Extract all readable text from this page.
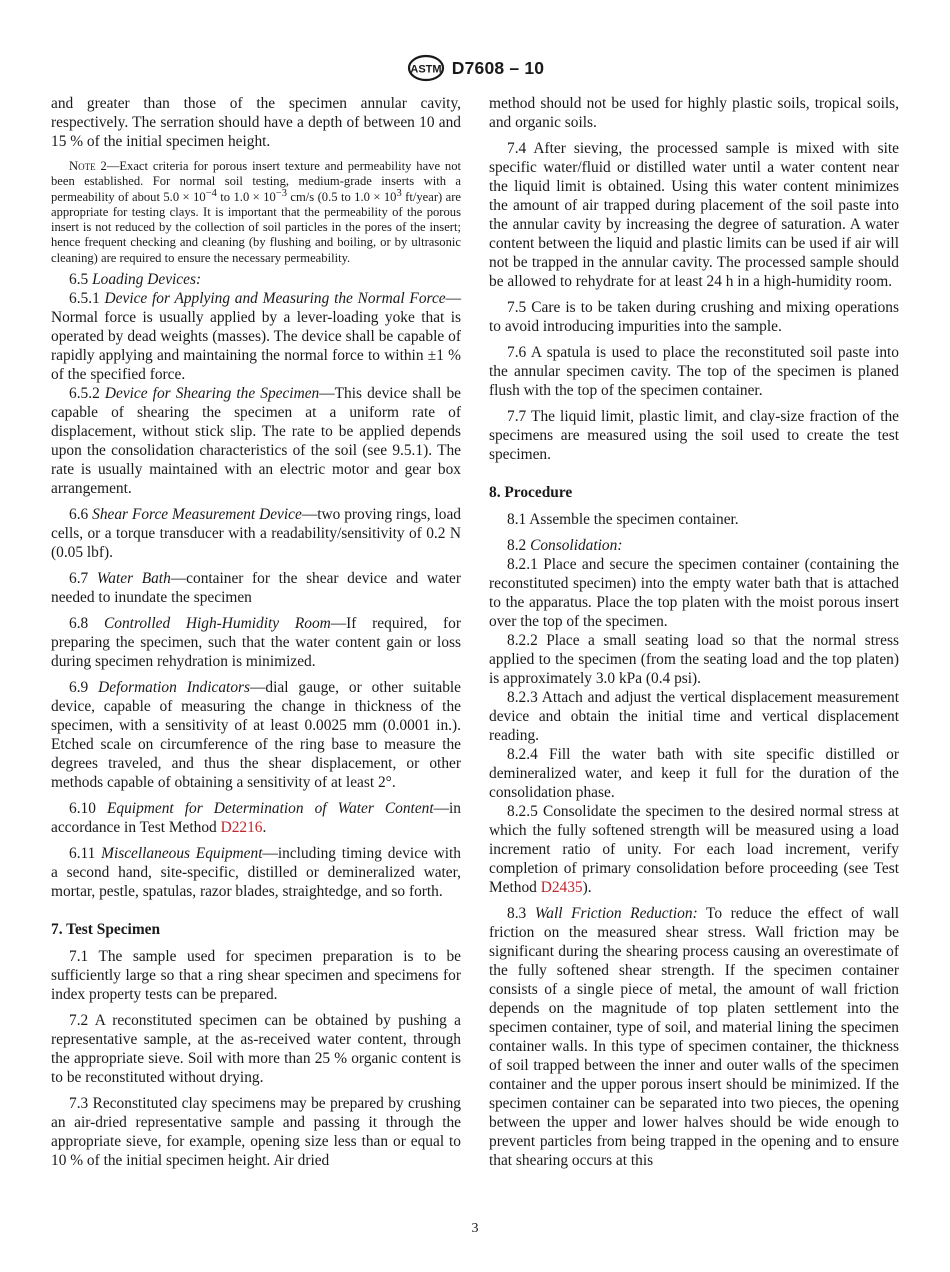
ASTM D7608 – 10

and greater than those of the specimen annular cavity, respectively. The serration should have a depth of between 10 and 15 % of the initial specimen height.

Note 2—Exact criteria for porous insert texture and permeability have not been established. For normal soil testing, medium-grade inserts with a permeability of about $5.0 \times 10^{-4}$ to $1.0 \times 10^{-3}$ cm/s (0.5 to $1.0 \times 10^3$ ft/year) are appropriate for testing clays. It is important that the permeability of the porous insert is not reduced by the collection of soil particles in the pores of the insert; hence frequent checking and cleaning (by flushing and boiling, or by ultrasonic cleaning) are required to ensure the necessary permeability.

6.5 Loading Devices:

6.5.1 Device for Applying and Measuring the Normal Force—Normal force is usually applied by a lever-loading yoke that is operated by dead weights (masses). The device shall be capable of rapidly applying and maintaining the normal force to within ±1 % of the specified force.

6.5.2 Device for Shearing the Specimen—This device shall be capable of shearing the specimen at a uniform rate of displacement, without stick slip. The rate to be applied depends upon the consolidation characteristics of the soil (see 9.5.1). The rate is usually maintained with an electric motor and gear box arrangement.

6.6 Shear Force Measurement Device—two proving rings, load cells, or a torque transducer with a readability/sensitivity of 0.2 N (0.05 lbf).

6.7 Water Bath—container for the shear device and water needed to inundate the specimen

6.8 Controlled High-Humidity Room—If required, for preparing the specimen, such that the water content gain or loss during specimen rehydration is minimized.

6.9 Deformation Indicators—dial gauge, or other suitable device, capable of measuring the change in thickness of the specimen, with a sensitivity of at least 0.0025 mm (0.0001 in.). Etched scale on circumference of the ring base to measure the degrees traveled, and thus the shear displacement, or other methods capable of obtaining a sensitivity of at least 2°.

6.10 Equipment for Determination of Water Content—in accordance in Test Method D2216.

6.11 Miscellaneous Equipment—including timing device with a second hand, site-specific, distilled or demineralized water, mortar, pestle, spatulas, razor blades, straightedge, and so forth.

7. Test Specimen

7.1 The sample used for specimen preparation is to be sufficiently large so that a ring shear specimen and specimens for index property tests can be prepared.

7.2 A reconstituted specimen can be obtained by pushing a representative sample, at the as-received water content, through the appropriate sieve. Soil with more than 25 % organic content is to be reconstituted without drying.

7.3 Reconstituted clay specimens may be prepared by crushing an air-dried representative sample and passing it through the appropriate sieve, for example, opening size less than or equal to 10 % of the initial specimen height. Air dried

method should not be used for highly plastic soils, tropical soils, and organic soils.

7.4 After sieving, the processed sample is mixed with site specific water/fluid or distilled water until a water content near the liquid limit is obtained. Using this water content minimizes the amount of air trapped during placement of the soil paste into the annular cavity by increasing the degree of saturation. A water content between the liquid and plastic limits can be used if air will not be trapped in the annular cavity. The processed sample should be allowed to rehydrate for at least 24 h in a high-humidity room.

7.5 Care is to be taken during crushing and mixing operations to avoid introducing impurities into the sample.

7.6 A spatula is used to place the reconstituted soil paste into the annular specimen cavity. The top of the specimen is planed flush with the top of the specimen container.

7.7 The liquid limit, plastic limit, and clay-size fraction of the specimens are measured using the soil used to create the test specimen.

8. Procedure

8.1 Assemble the specimen container.

8.2 Consolidation:

8.2.1 Place and secure the specimen container (containing the reconstituted specimen) into the empty water bath that is attached to the apparatus. Place the top platen with the moist porous insert over the top of the specimen.

8.2.2 Place a small seating load so that the normal stress applied to the specimen (from the seating load and the top platen) is approximately 3.0 kPa (0.4 psi).

8.2.3 Attach and adjust the vertical displacement measurement device and obtain the initial time and vertical displacement reading.

8.2.4 Fill the water bath with site specific distilled or demineralized water, and keep it full for the duration of the consolidation phase.

8.2.5 Consolidate the specimen to the desired normal stress at which the fully softened strength will be measured using a load increment ratio of unity. For each load increment, verify completion of primary consolidation before proceeding (see Test Method D2435).

8.3 Wall Friction Reduction: To reduce the effect of wall friction on the measured shear stress. Wall friction may be significant during the shearing process causing an overestimate of the fully softened shear strength. If the specimen container consists of a single piece of metal, the amount of wall friction depends on the magnitude of top platen settlement into the specimen container, type of soil, and material lining the specimen container walls. In this type of specimen container, the thickness of soil trapped between the inner and outer walls of the specimen container and the upper porous insert should be minimized. If the specimen container can be separated into two pieces, the opening between the upper and lower halves should be wide enough to prevent particles from being trapped in the opening and to ensure that shearing occurs at this

3
